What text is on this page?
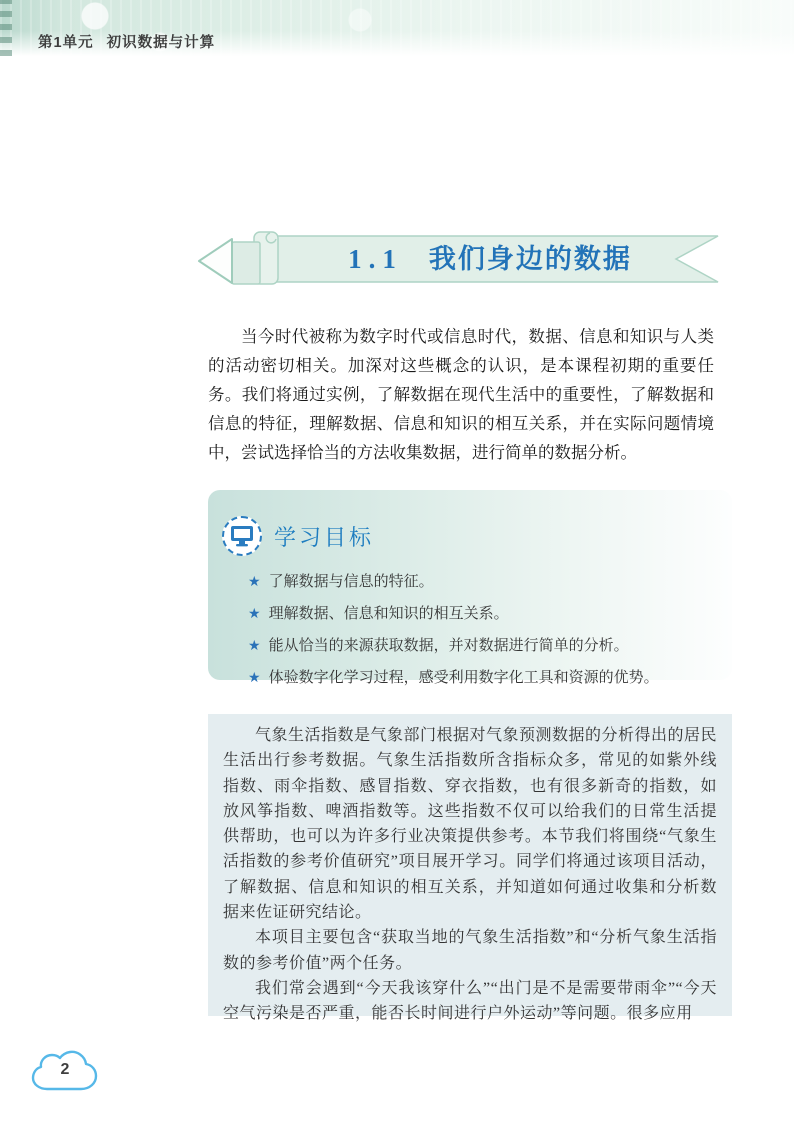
第1单元 初识数据与计算
1.1 我们身边的数据

当今时代被称为数字时代或信息时代，数据、信息和知识与人类的活动密切相关。加深对这些概念的认识，是本课程初期的重要任务。我们将通过实例，了解数据在现代生活中的重要性，了解数据和信息的特征，理解数据、信息和知识的相互关系，并在实际问题情境中，尝试选择恰当的方法收集数据，进行简单的数据分析。

学习目标
★ 了解数据与信息的特征。
★ 理解数据、信息和知识的相互关系。
★ 能从恰当的来源获取数据，并对数据进行简单的分析。
★ 体验数字化学习过程，感受利用数字化工具和资源的优势。

气象生活指数是气象部门根据对气象预测数据的分析得出的居民生活出行参考数据。气象生活指数所含指标众多，常见的如紫外线指数、雨伞指数、感冒指数、穿衣指数，也有很多新奇的指数，如放风筝指数、啤酒指数等。这些指数不仅可以给我们的日常生活提供帮助，也可以为许多行业决策提供参考。本节我们将围绕“气象生活指数的参考价值研究”项目展开学习。同学们将通过该项目活动，了解数据、信息和知识的相互关系，并知道如何通过收集和分析数据来佐证研究结论。

本项目主要包含“获取当地的气象生活指数”和“分析气象生活指数的参考价值”两个任务。

我们常会遇到“今天我该穿什么”“出门是不是需要带雨伞”“今天空气污染是否严重，能否长时间进行户外运动”等问题。很多应用

2
